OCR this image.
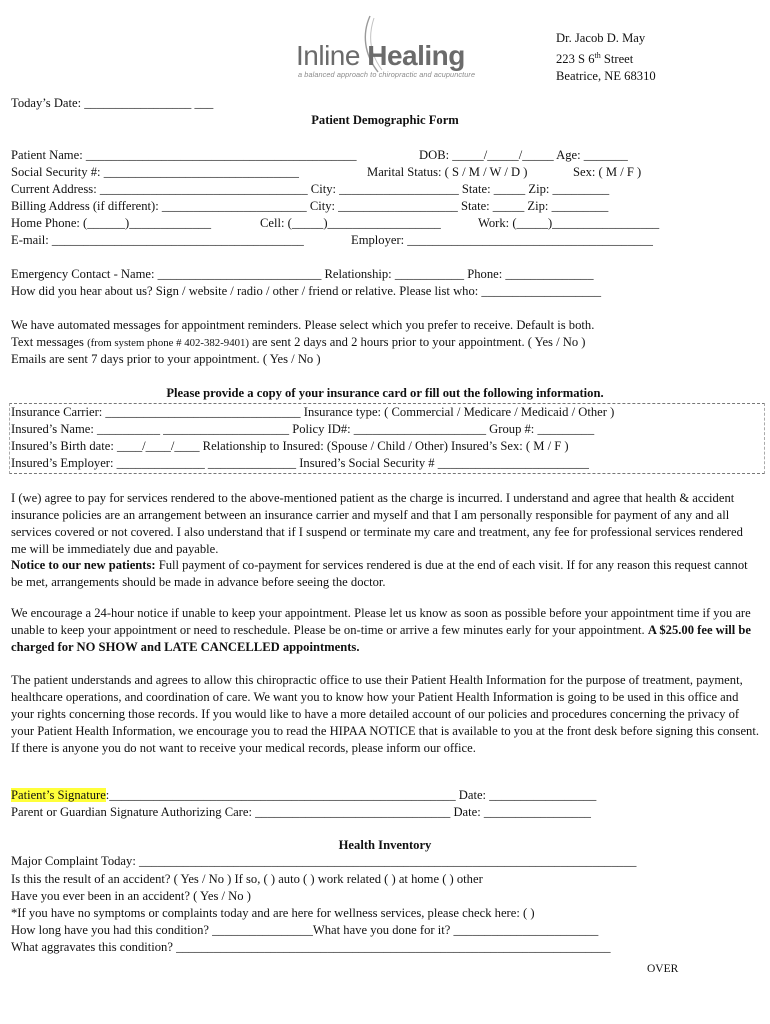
Inline Healing
a balanced approach to chiropractic and acupuncture
Dr. Jacob D. May
223 S 6th Street
Beatrice, NE 68310
Today’s Date: _________________ ___
Patient Demographic Form
Patient Name: ___________________________________________	DOB: _____/_____/_____ Age: _______
Social Security #: _______________________________	Marital Status: ( S / M / W / D )	Sex: ( M / F )
Current Address: _________________________________ City: ___________________ State: _____ Zip: _________
Billing Address (if different): _______________________ City: ___________________ State: _____ Zip: _________
Home Phone: (______)_____________	Cell: (_____)__________________	Work: (_____)_________________
E-mail: ________________________________________	Employer: _______________________________________
Emergency Contact - Name: __________________________ Relationship: ___________ Phone: ______________
How did you hear about us? Sign / website / radio / other / friend or relative. Please list who: ___________________
We have automated messages for appointment reminders. Please select which you prefer to receive. Default is both.
Text messages (from system phone # 402-382-9401) are sent 2 days and 2 hours prior to your appointment. ( Yes / No )
Emails are sent 7 days prior to your appointment. ( Yes / No )
Please provide a copy of your insurance card or fill out the following information.
Insurance Carrier: _______________________________ Insurance type: ( Commercial / Medicare / Medicaid / Other )
Insured’s Name: __________ ____________________ Policy ID#: _____________________ Group #: _________
Insured’s Birth date: ____/____/____ Relationship to Insured: (Spouse / Child / Other) Insured’s Sex: ( M / F )
Insured’s Employer: ______________ ______________ Insured’s Social Security # ________________________
I (we) agree to pay for services rendered to the above-mentioned patient as the charge is incurred. I understand and agree that health & accident insurance policies are an arrangement between an insurance carrier and myself and that I am personally responsible for payment of any and all services covered or not covered. I also understand that if I suspend or terminate my care and treatment, any fee for professional services rendered me will be immediately due and payable.
Notice to our new patients: Full payment of co-payment for services rendered is due at the end of each visit. If for any reason this request cannot be met, arrangements should be made in advance before seeing the doctor.
We encourage a 24-hour notice if unable to keep your appointment. Please let us know as soon as possible before your appointment time if you are unable to keep your appointment or need to reschedule. Please be on-time or arrive a few minutes early for your appointment. A $25.00 fee will be charged for NO SHOW and LATE CANCELLED appointments.
The patient understands and agrees to allow this chiropractic office to use their Patient Health Information for the purpose of treatment, payment, healthcare operations, and coordination of care. We want you to know how your Patient Health Information is going to be used in this office and your rights concerning those records. If you would like to have a more detailed account of our policies and procedures concerning the privacy of your Patient Health Information, we encourage you to read the HIPAA NOTICE that is available to you at the front desk before signing this consent. If there is anyone you do not want to receive your medical records, please inform our office.
Patient’s Signature:_______________________________________________________ Date: _________________
Parent or Guardian Signature Authorizing Care: _______________________________ Date: _________________
Health Inventory
Major Complaint Today: _______________________________________________________________________________
Is this the result of an accident? ( Yes / No ) If so, ( ) auto ( ) work related ( ) at home ( ) other
Have you ever been in an accident? ( Yes / No )
*If you have no symptoms or complaints today and are here for wellness services, please check here: ( )
How long have you had this condition? ________________What have you done for it? _______________________
What aggravates this condition? _____________________________________________________________________
OVER
